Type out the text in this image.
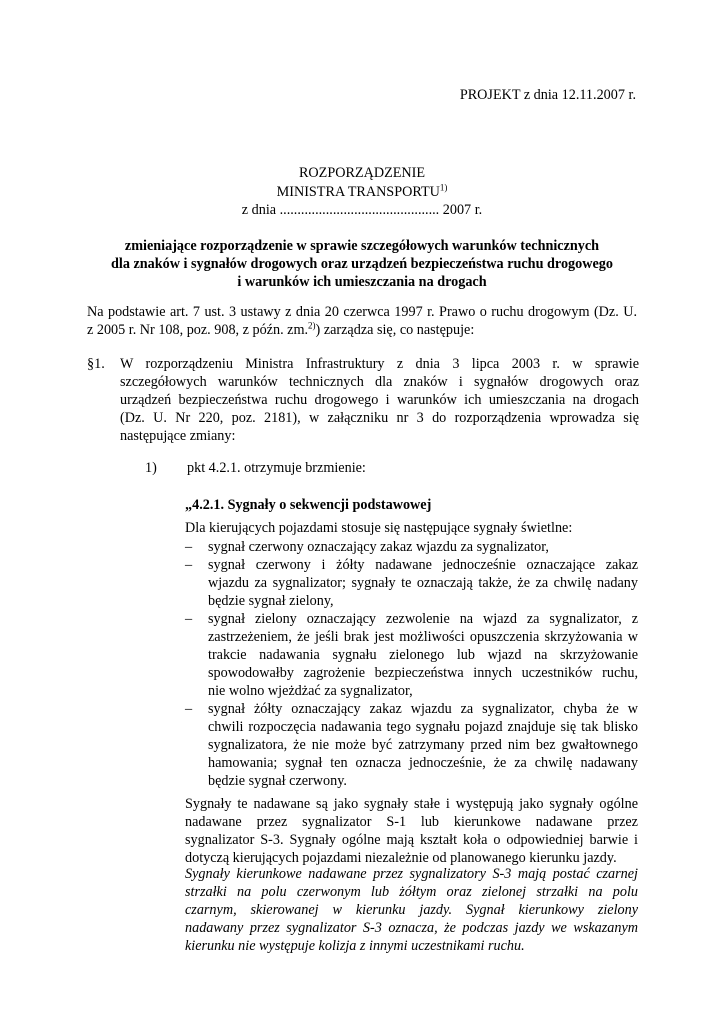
PROJEKT z dnia 12.11.2007 r.
ROZPORZĄDZENIE
MINISTRA TRANSPORTU$^{1)}$
z dnia ............................................. 2007 r.
zmieniające rozporządzenie w sprawie szczegółowych warunków technicznych
dla znaków i sygnałów drogowych oraz urządzeń bezpieczeństwa ruchu drogowego
i warunków ich umieszczania na drogach
Na podstawie art. 7 ust. 3 ustawy z dnia 20 czerwca 1997 r. Prawo o ruchu drogowym (Dz. U.
z 2005 r. Nr 108, poz. 908, z późn. zm.$^{2)}$) zarządza się, co następuje:
§1. W rozporządzeniu Ministra Infrastruktury z dnia 3 lipca 2003 r. w sprawie
szczegółowych warunków technicznych dla znaków i sygnałów drogowych oraz
urządzeń bezpieczeństwa ruchu drogowego i warunków ich umieszczania na drogach
(Dz. U. Nr 220, poz. 2181), w załączniku nr 3 do rozporządzenia wprowadza się
następujące zmiany:
1) pkt 4.2.1. otrzymuje brzmienie:
„4.2.1. Sygnały o sekwencji podstawowej
Dla kierujących pojazdami stosuje się następujące sygnały świetlne:
– sygnał czerwony oznaczający zakaz wjazdu za sygnalizator,
– sygnał czerwony i żółty nadawane jednocześnie oznaczające zakaz
wjazdu za sygnalizator; sygnały te oznaczają także, że za chwilę nadany
będzie sygnał zielony,
– sygnał zielony oznaczający zezwolenie na wjazd za sygnalizator, z
zastrzeżeniem, że jeśli brak jest możliwości opuszczenia skrzyżowania w
trakcie nadawania sygnału zielonego lub wjazd na skrzyżowanie
spowodowałby zagrożenie bezpieczeństwa innych uczestników ruchu,
nie wolno wjeżdżać za sygnalizator,
– sygnał żółty oznaczający zakaz wjazdu za sygnalizator, chyba że w
chwili rozpoczęcia nadawania tego sygnału pojazd znajduje się tak blisko
sygnalizatora, że nie może być zatrzymany przed nim bez gwałtownego
hamowania; sygnał ten oznacza jednocześnie, że za chwilę nadawany
będzie sygnał czerwony.
Sygnały te nadawane są jako sygnały stałe i występują jako sygnały ogólne
nadawane przez sygnalizator S-1 lub kierunkowe nadawane przez
sygnalizator S-3. Sygnały ogólne mają kształt koła o odpowiedniej barwie i
dotyczą kierujących pojazdami niezależnie od planowanego kierunku jazdy.
Sygnały kierunkowe nadawane przez sygnalizatory S-3 mają postać czarnej
strzałki na polu czerwonym lub żółtym oraz zielonej strzałki na polu
czarnym, skierowanej w kierunku jazdy. Sygnał kierunkowy zielony
nadawany przez sygnalizator S-3 oznacza, że podczas jazdy we wskazanym
kierunku nie występuje kolizja z innymi uczestnikami ruchu.
